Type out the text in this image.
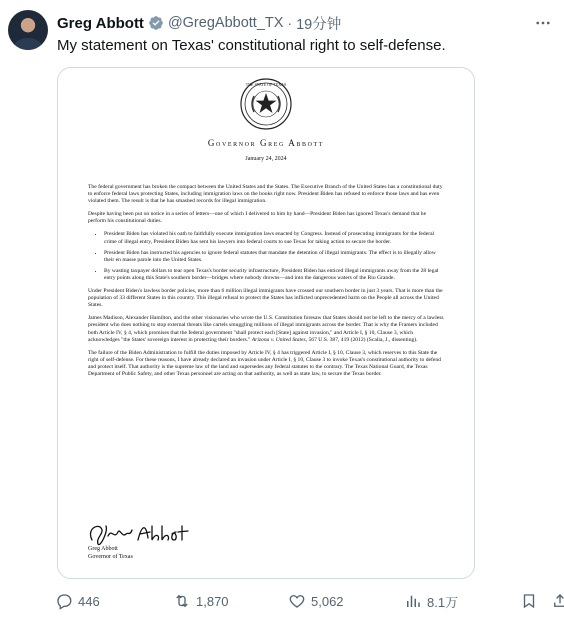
Greg Abbott @GregAbbott_TX · 19分钟
My statement on Texas' constitutional right to self-defense.
THE STATE OF TEXAS
Governor Greg Abbott
January 24, 2024

The federal government has broken the compact between the United States and the States. The Executive Branch of the United States has a constitutional duty to enforce federal laws protecting States, including immigration laws on the books right now. President Biden has refused to enforce those laws and has even violated them. The result is that he has smashed records for illegal immigration.

Despite having been put on notice in a series of letters—one of which I delivered to him by hand—President Biden has ignored Texas's demand that he perform his constitutional duties.

• President Biden has violated his oath to faithfully execute immigration laws enacted by Congress. Instead of prosecuting immigrants for the federal crime of illegal entry, President Biden has sent his lawyers into federal courts to sue Texas for taking action to secure the border.
• President Biden has instructed his agencies to ignore federal statutes that mandate the detention of illegal immigrants. The effect is to illegally allow their en masse parole into the United States.
• By wasting taxpayer dollars to tear open Texas's border security infrastructure, President Biden has enticed illegal immigrants away from the 28 legal entry points along this State's southern border—bridges where nobody drowns—and into the dangerous waters of the Rio Grande.

Under President Biden's lawless border policies, more than 6 million illegal immigrants have crossed our southern border in just 3 years. That is more than the population of 33 different States in this country. This illegal refusal to protect the States has inflicted unprecedented harm on the People all across the United States.

James Madison, Alexander Hamilton, and the other visionaries who wrote the U.S. Constitution foresaw that States should not be left to the mercy of a lawless president who does nothing to stop external threats like cartels smuggling millions of illegal immigrants across the border. That is why the Framers included both Article IV, § 4, which promises that the federal government "shall protect each [State] against invasion," and Article I, § 10, Clause 3, which acknowledges "the States' sovereign interest in protecting their borders." Arizona v. United States, 567 U.S. 387, 419 (2012) (Scalia, J., dissenting).

The failure of the Biden Administration to fulfill the duties imposed by Article IV, § 4 has triggered Article I, § 10, Clause 3, which reserves to this State the right of self-defense. For these reasons, I have already declared an invasion under Article I, § 10, Clause 3 to invoke Texas's constitutional authority to defend and protect itself. That authority is the supreme law of the land and supersedes any federal statutes to the contrary. The Texas National Guard, the Texas Department of Public Safety, and other Texas personnel are acting on that authority, as well as state law, to secure the Texas border.

Greg Abbott
Governor of Texas
446	1,870	5,062	8.1万
